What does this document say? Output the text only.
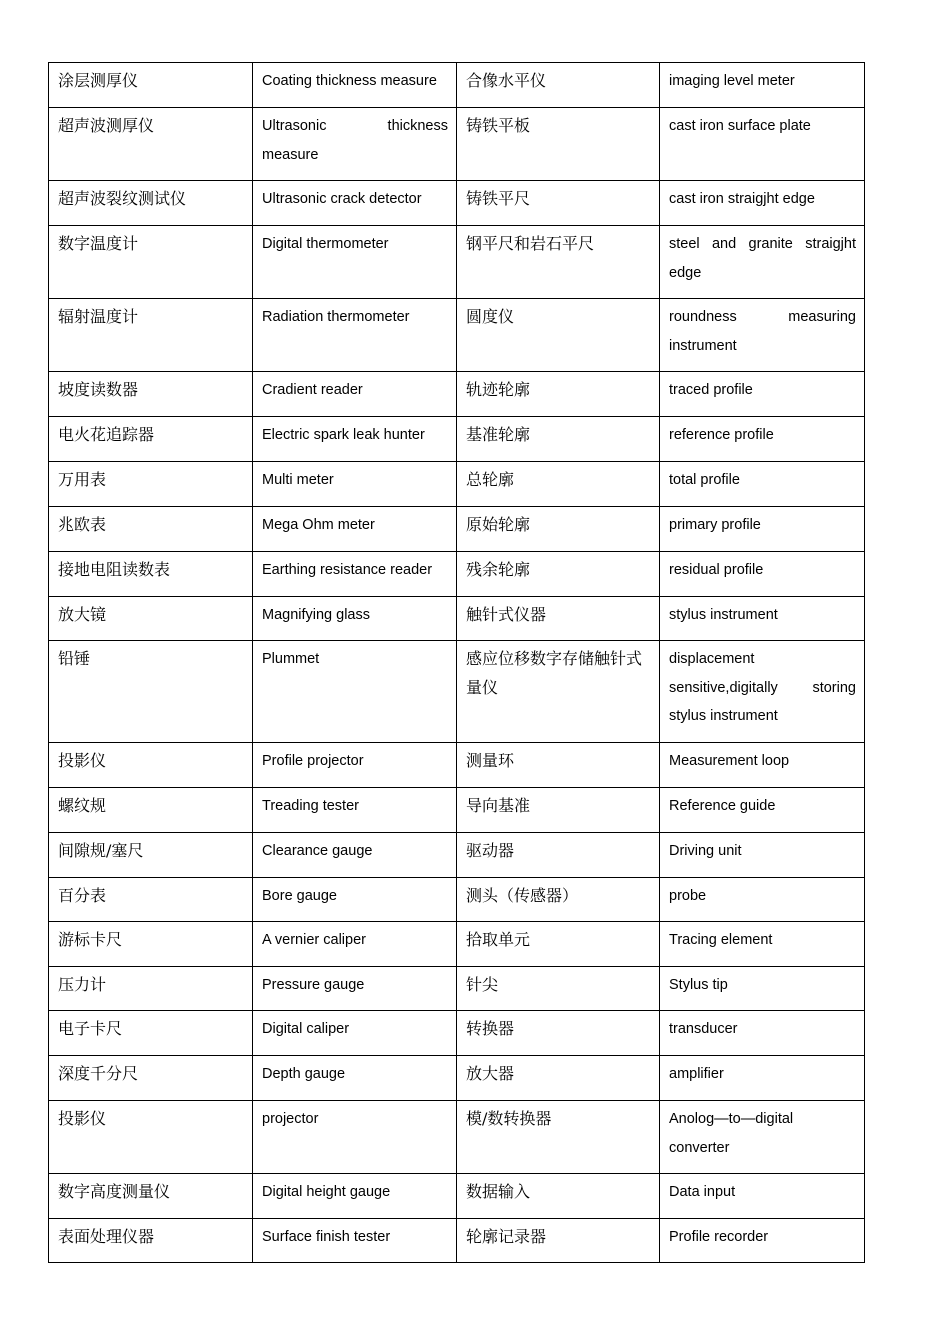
涂层测厚仪	Coating thickness measure	合像水平仪	imaging level meter
超声波测厚仪	Ultrasonic thickness measure	铸铁平板	cast iron surface plate
超声波裂纹测试仪	Ultrasonic crack detector	铸铁平尺	cast iron straigjht edge
数字温度计	Digital thermometer	钢平尺和岩石平尺	steel and granite straigjht edge
辐射温度计	Radiation thermometer	圆度仪	roundness measuring instrument
坡度读数器	Cradient reader	轨迹轮廓	traced profile
电火花追踪器	Electric spark leak hunter	基准轮廓	reference profile
万用表	Multi meter	总轮廓	total profile
兆欧表	Mega Ohm meter	原始轮廓	primary profile
接地电阻读数表	Earthing resistance reader	残余轮廓	residual profile
放大镜	Magnifying glass	触针式仪器	stylus instrument
铅锤	Plummet	感应位移数字存储触针式量仪	displacement sensitive,digitally storing stylus instrument
投影仪	Profile projector	测量环	Measurement loop
螺纹规	Treading tester	导向基准	Reference guide
间隙规/塞尺	Clearance gauge	驱动器	Driving unit
百分表	Bore gauge	测头（传感器）	probe
游标卡尺	A vernier caliper	拾取单元	Tracing element
压力计	Pressure gauge	针尖	Stylus tip
电子卡尺	Digital caliper	转换器	transducer
深度千分尺	Depth gauge	放大器	amplifier
投影仪	projector	模/数转换器	Anolog—to—digital converter
数字高度测量仪	Digital height gauge	数据输入	Data input
表面处理仪器	Surface finish tester	轮廓记录器	Profile recorder
